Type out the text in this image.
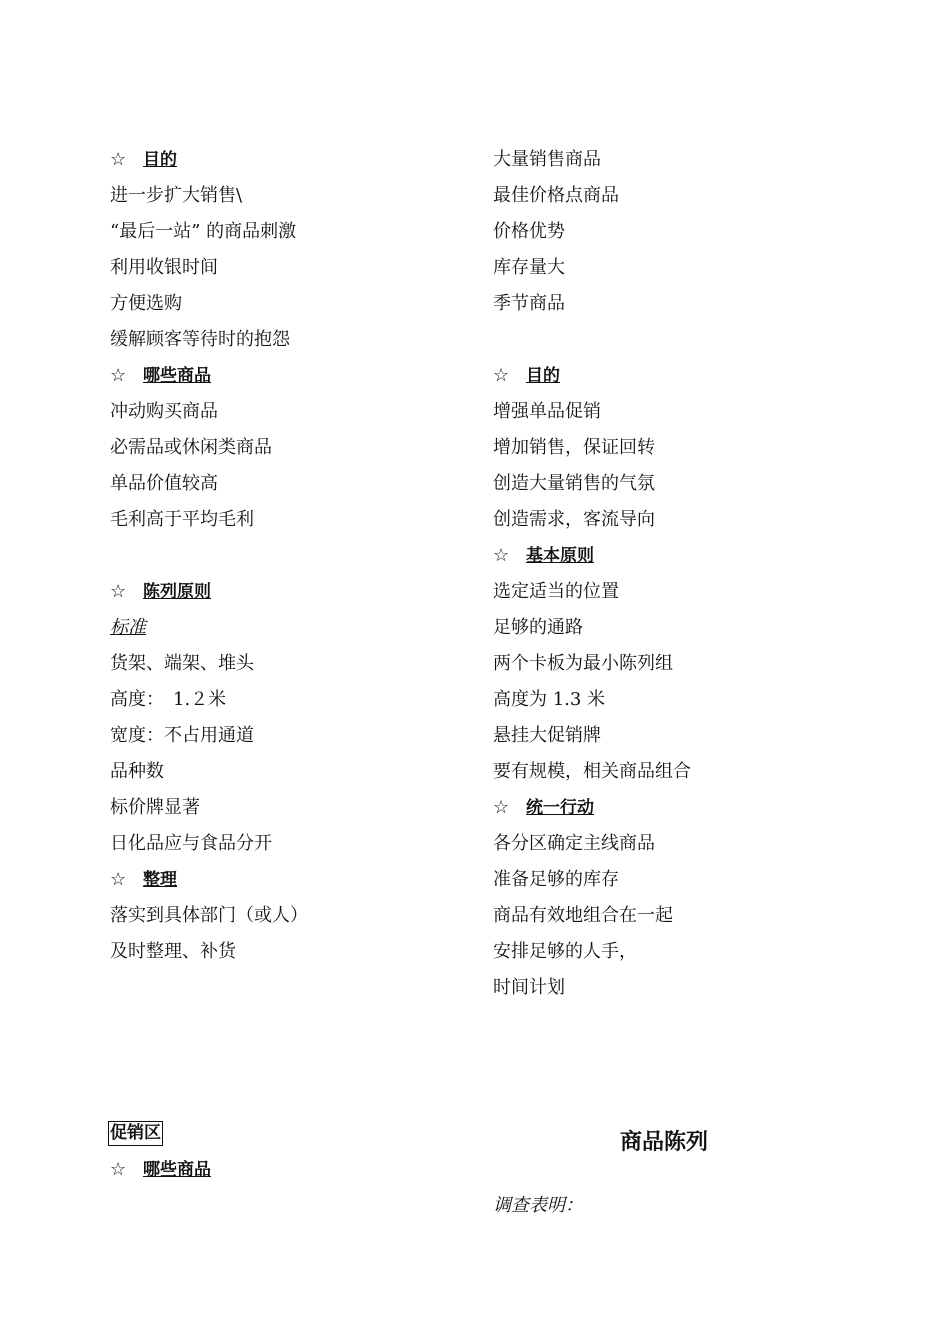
☆ 目的
进一步扩大销售\
“最后一站” 的商品刺激
利用收银时间
方便选购
缓解顾客等待时的抱怨
☆ 哪些商品
冲动购买商品
必需品或休闲类商品
单品价值较高
毛利高于平均毛利
☆ 陈列原则
标准
货架、端架、堆头
高度：　1.２米
宽度：不占用通道
品种数
标价牌显著
日化品应与食品分开
☆ 整理
落实到具体部门（或人）
及时整理、补货
大量销售商品
最佳价格点商品
价格优势
库存量大
季节商品
☆ 目的
增强单品促销
增加销售，保证回转
创造大量销售的气氛
创造需求，客流导向
☆ 基本原则
选定适当的位置
足够的通路
两个卡板为最小陈列组
高度为 1.3 米
悬挂大促销牌
要有规模，相关商品组合
☆ 统一行动
各分区确定主线商品
准备足够的库存
商品有效地组合在一起
安排足够的人手，
时间计划
促销区
☆ 哪些商品
商品陈列
调查表明：
